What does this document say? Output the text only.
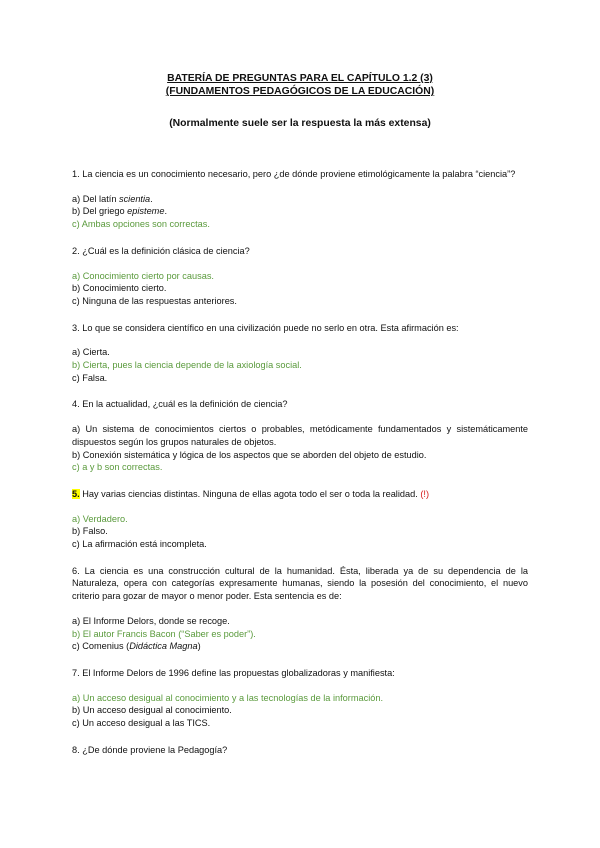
BATERÍA DE PREGUNTAS PARA EL CAPÍTULO 1.2 (3)
(FUNDAMENTOS PEDAGÓGICOS DE LA EDUCACIÓN)
(Normalmente suele ser la respuesta la más extensa)
1. La ciencia es un conocimiento necesario, pero ¿de dónde proviene etimológicamente la palabra “ciencia”?
a) Del latín scientia.
b) Del griego episteme.
c) Ambas opciones son correctas.
2. ¿Cuál es la definición clásica de ciencia?
a) Conocimiento cierto por causas.
b) Conocimiento cierto.
c) Ninguna de las respuestas anteriores.
3. Lo que se considera científico en una civilización puede no serlo en otra. Esta afirmación es:
a) Cierta.
b) Cierta, pues la ciencia depende de la axiología social.
c) Falsa.
4. En la actualidad, ¿cuál es la definición de ciencia?
a) Un sistema de conocimientos ciertos o probables, metódicamente fundamentados y sistemáticamente dispuestos según los grupos naturales de objetos.
b) Conexión sistemática y lógica de los aspectos que se aborden del objeto de estudio.
c) a y b son correctas.
5. Hay varias ciencias distintas. Ninguna de ellas agota todo el ser o toda la realidad. (!)
a) Verdadero.
b) Falso.
c) La afirmación está incompleta.
6. La ciencia es una construcción cultural de la humanidad. Ésta, liberada ya de su dependencia de la Naturaleza, opera con categorías expresamente humanas, siendo la posesión del conocimiento, el nuevo criterio para gozar de mayor o menor poder. Esta sentencia es de:
a) El Informe Delors, donde se recoge.
b) El autor Francis Bacon (“Saber es poder”).
c) Comenius (Didáctica Magna)
7. El Informe Delors de 1996 define las propuestas globalizadoras y manifiesta:
a) Un acceso desigual al conocimiento y a las tecnologías de la información.
b) Un acceso desigual al conocimiento.
c) Un acceso desigual a las TICS.
8. ¿De dónde proviene la Pedagogía?
